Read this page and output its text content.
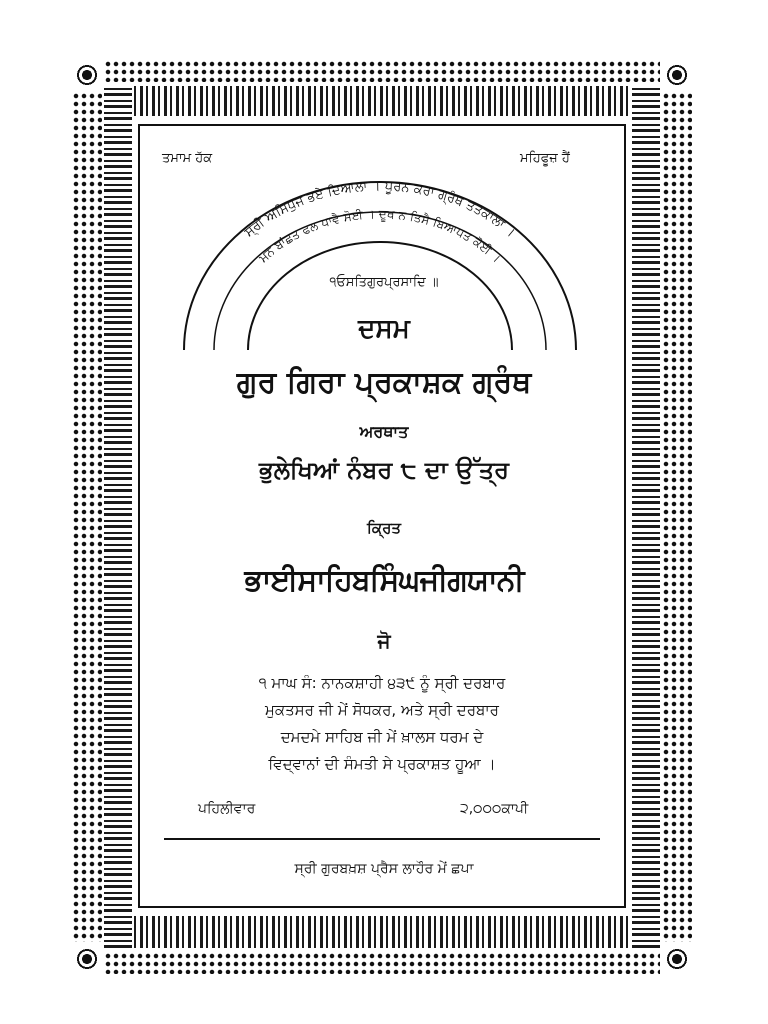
ਤਮਾਮ ਹੱਕ	ਮਹਿਫੂਜ਼ ਹੈਂ
ਸ੍ਰੀ ਅਸਿਧੁਜ ਭਏ ਦਿਆਲਾ । ਪੂਰਨ ਕਰਾ ਗ੍ਰੰਥ ਤਤਕਾਲਾ ।
ਮਨ ਬਾਂਛਤ ਫਲ ਪਾਵੈ ਸੋਈ । ਦੂਖ ਨ ਤਿਸੈ ਬਿਆਪਤ ਕੋਈ ।
੧ਓਸਤਿਗੁਰਪ੍ਰਸਾਦਿ ॥
ਦਸਮ
ਗੁਰ ਗਿਰਾ ਪ੍ਰਕਾਸ਼ਕ ਗ੍ਰੰਥ
ਅਰਥਾਤ
ਭੁਲੇਖਿਆਂ ਨੰਬਰ ੮ ਦਾ ਉੱਤ੍ਰ
ਕ੍ਰਿਤ
ਭਾਈਸਾਹਿਬਸਿੰਘਜੀਗਯਾਨੀ
ਜੋ
੧ ਮਾਘ ਸੰ: ਨਾਨਕਸ਼ਾਹੀ ੪੩੯ ਨੂੰ ਸ੍ਰੀ ਦਰਬਾਰ
ਮੁਕਤਸਰ ਜੀ ਮੇਂ ਸੋਧਕਰ, ਅਤੇ ਸ੍ਰੀ ਦਰਬਾਰ
ਦਮਦਮੇ ਸਾਹਿਬ ਜੀ ਮੇਂ ਖ਼ਾਲਸ ਧਰਮ ਦੇ
ਵਿਦ੍ਵਾਨਾਂ ਦੀ ਸੰਮਤੀ ਸੇ ਪ੍ਰਕਾਸ਼ਤ ਹੂਆ ।
ਪਹਿਲੀਵਾਰ	੨,੦੦੦ਕਾਪੀ
ਸ੍ਰੀ ਗੁਰਬਖ਼ਸ਼ ਪ੍ਰੈਸ ਲਾਹੌਰ ਮੇਂ ਛਪਾ
